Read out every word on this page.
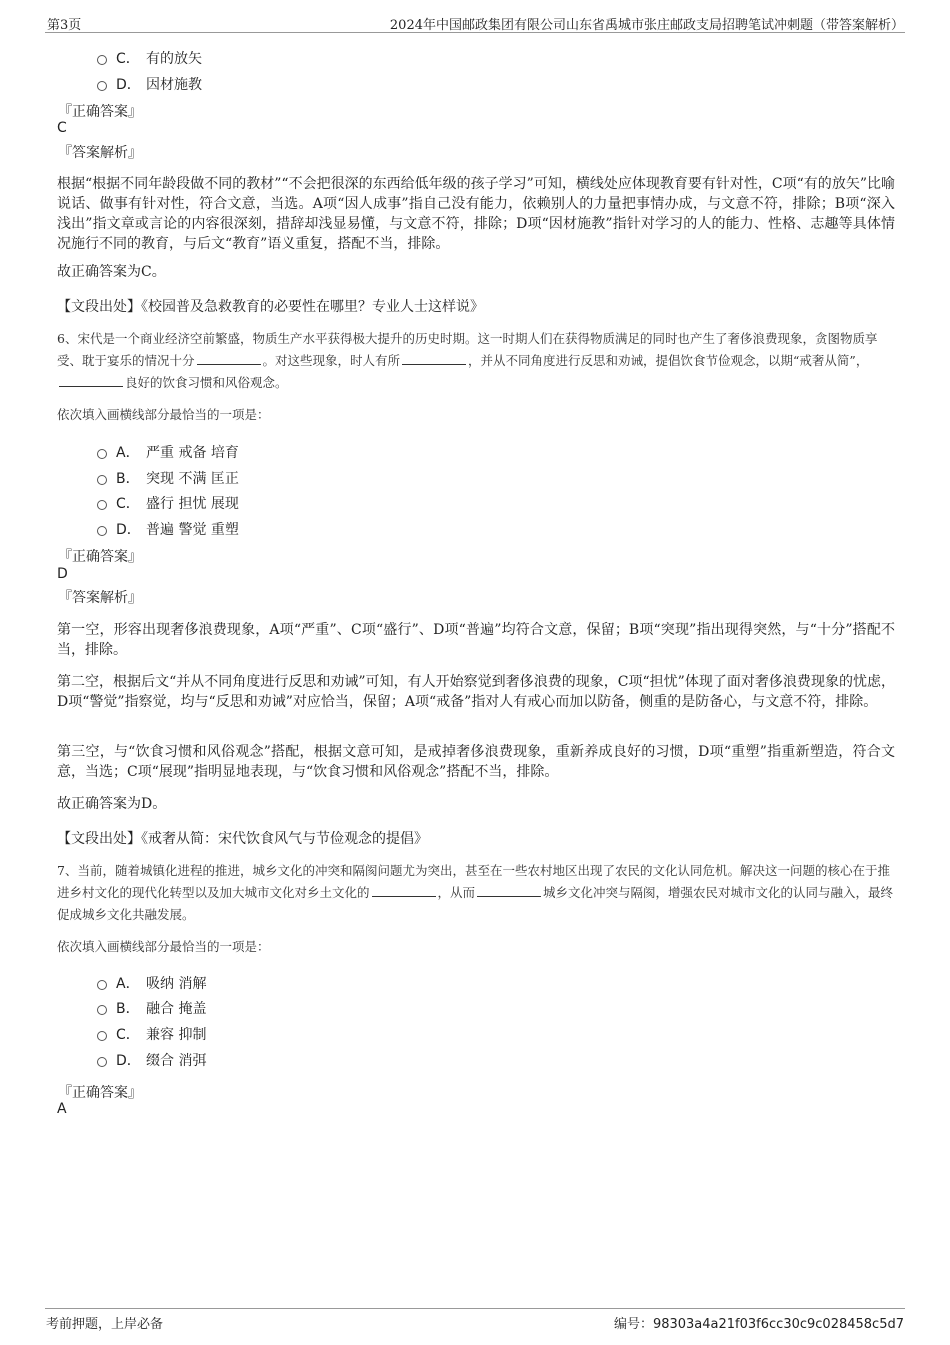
第3页	2024年中国邮政集团有限公司山东省禹城市张庄邮政支局招聘笔试冲刺题（带答案解析）
C． 有的放矢
D． 因材施教
『正确答案』
C
『答案解析』
根据“根据不同年龄段做不同的教材”“不会把很深的东西给低年级的孩子学习”可知，横线处应体现教育要有针对性，C项“有的放矢”比喻说话、做事有针对性，符合文意，当选。A项“因人成事”指自己没有能力，依赖别人的力量把事情办成，与文意不符，排除；B项“深入浅出”指文章或言论的内容很深刻，措辞却浅显易懂，与文意不符，排除；D项“因材施教”指针对学习的人的能力、性格、志趣等具体情况施行不同的教育，与后文“教育”语义重复，搭配不当，排除。
故正确答案为C。
【文段出处】《校园普及急救教育的必要性在哪里？专业人士这样说》
6、宋代是一个商业经济空前繁盛，物质生产水平获得极大提升的历史时期。这一时期人们在获得物质满足的同时也产生了奢侈浪费现象，贪图物质享受、耽于宴乐的情况十分	。对这些现象，时人有所	，并从不同角度进行反思和劝诫，提倡饮食节俭观念，以期“戒奢从简”，良好的饮食习惯和风俗观念。
依次填入画横线部分最恰当的一项是：
A． 严重 戒备 培育
B． 突现 不满 匡正
C． 盛行 担忧 展现
D． 普遍 警觉 重塑
『正确答案』
D
『答案解析』
第一空，形容出现奢侈浪费现象，A项“严重”、C项“盛行”、D项“普遍”均符合文意，保留；B项“突现”指出现得突然，与“十分”搭配不当，排除。
第二空，根据后文“并从不同角度进行反思和劝诫”可知，有人开始察觉到奢侈浪费的现象，C项“担忧”体现了面对奢侈浪费现象的忧虑，D项“警觉”指察觉，均与“反思和劝诫”对应恰当，保留；A项“戒备”指对人有戒心而加以防备，侧重的是防备心，与文意不符，排除。
第三空，与“饮食习惯和风俗观念”搭配，根据文意可知，是戒掉奢侈浪费现象，重新养成良好的习惯，D项“重塑”指重新塑造，符合文意，当选；C项“展现”指明显地表现，与“饮食习惯和风俗观念”搭配不当，排除。
故正确答案为D。
【文段出处】《戒奢从简：宋代饮食风气与节俭观念的提倡》
7、当前，随着城镇化进程的推进，城乡文化的冲突和隔阂问题尤为突出，甚至在一些农村地区出现了农民的文化认同危机。解决这一问题的核心在于推进乡村文化的现代化转型以及加大城市文化对乡土文化的	，从而	城乡文化冲突与隔阂，增强农民对城市文化的认同与融入，最终促成城乡文化共融发展。
依次填入画横线部分最恰当的一项是：
A． 吸纳 消解
B． 融合 掩盖
C． 兼容 抑制
D． 缀合 消弭
『正确答案』
A
考前押题，上岸必备	编号：98303a4a21f03f6cc30c9c028458c5d7
